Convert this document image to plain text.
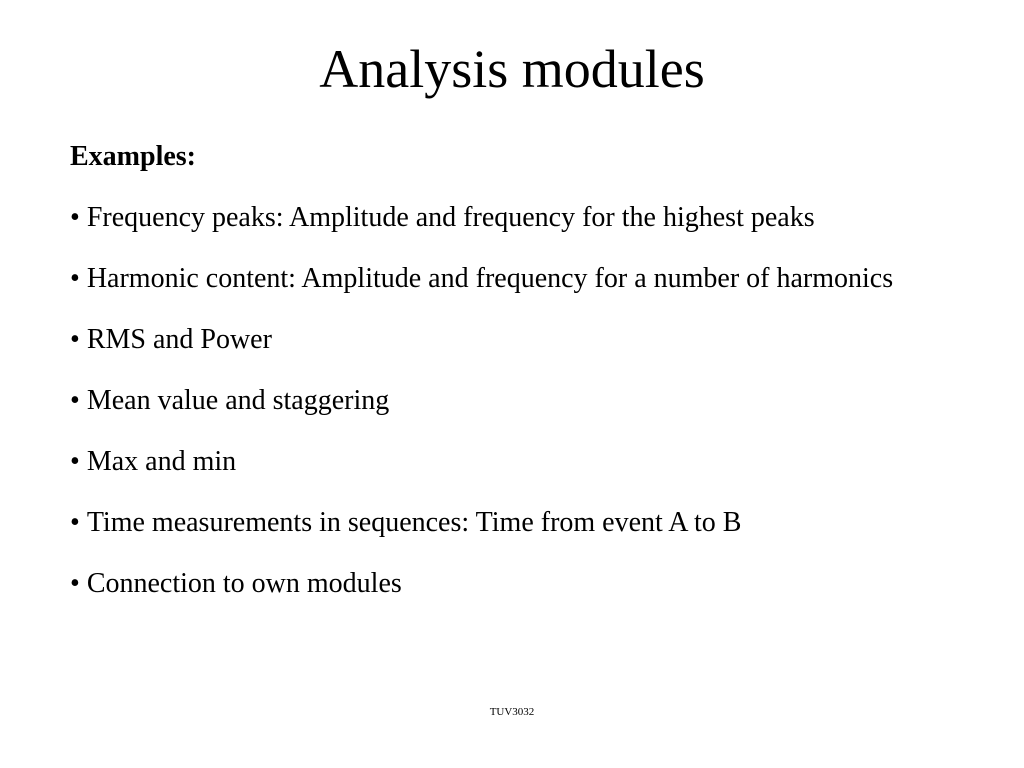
Analysis modules
Examples:
• Frequency peaks: Amplitude and frequency for the highest peaks
• Harmonic content: Amplitude and frequency for a number of harmonics
• RMS and Power
• Mean value and staggering
• Max and min
• Time measurements in sequences: Time from event A to B
• Connection to own modules
TUV3032
